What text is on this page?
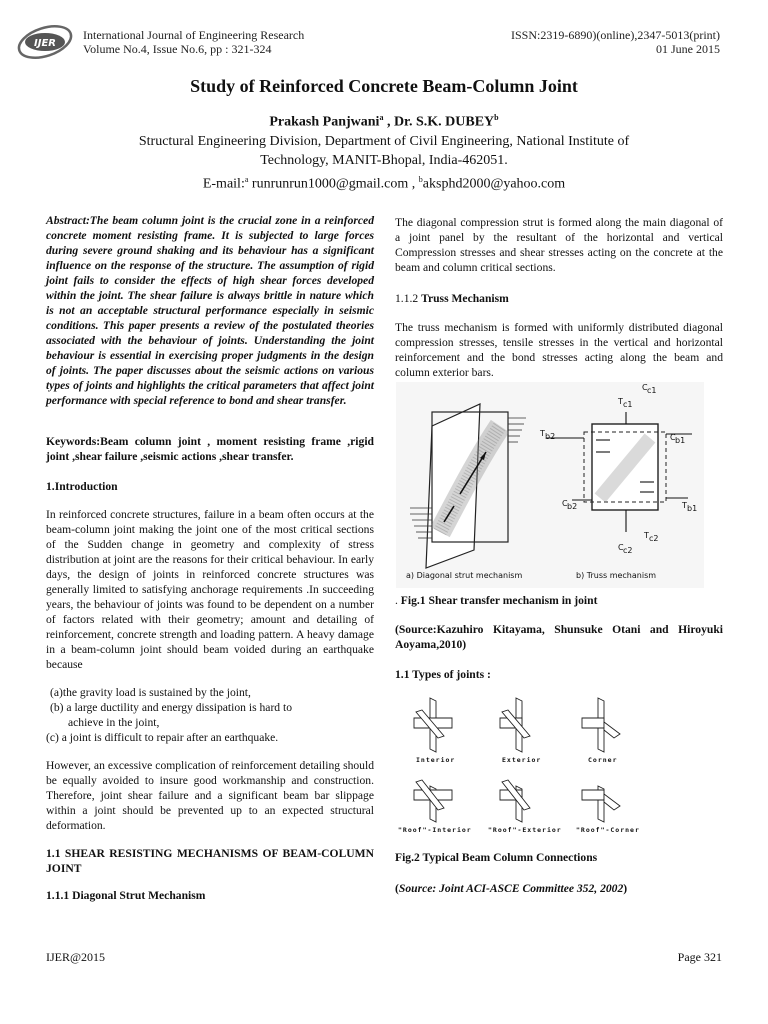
IJER
International Journal of Engineering Research
Volume No.4, Issue No.6, pp : 321-324
ISSN:2319-6890)(online),2347-5013(print)
01 June 2015
Study of Reinforced Concrete Beam-Column Joint
Prakash Panjwani$^a$ , Dr. S.K. DUBEY$^b$
Structural Engineering Division, Department of Civil Engineering, National Institute of
Technology, MANIT-Bhopal, India-462051.
E-mail:$^a$ runrunrun1000@gmail.com , $^b$aksphd2000@yahoo.com
Abstract:The beam column joint is the crucial zone in a reinforced concrete moment resisting frame. It is subjected to large forces during severe ground shaking and its behaviour has a significant influence on the response of the structure. The assumption of rigid joint fails to consider the effects of high shear forces developed within the joint. The shear failure is always brittle in nature which is not an acceptable structural performance especially in seismic conditions. This paper presents a review of the postulated theories associated with the behaviour of joints. Understanding the joint behaviour is essential in exercising proper judgments in the design of joints. The paper discusses about the seismic actions on various types of joints and highlights the critical parameters that affect joint performance with special reference to bond and shear transfer.
Keywords:Beam column joint , moment resisting frame ,rigid joint ,shear failure ,seismic actions ,shear transfer.
1.Introduction
In reinforced concrete structures, failure in a beam often occurs at the beam-column joint making the joint one of the most critical sections of the Sudden change in geometry and complexity of stress distribution at joint are the reasons for their critical behaviour. In early days, the design of joints in reinforced concrete structures was generally limited to satisfying anchorage requirements .In succeeding years, the behaviour of joints was found to be dependent on a number of factors related with their geometry; amount and detailing of reinforcement, concrete strength and loading pattern. A heavy damage in a beam-column joint should beam voided during an earthquake because
(a)the gravity load is sustained by the joint,
(b) a large ductility and energy dissipation is hard to
achieve in the joint,
(c) a joint is difficult to repair after an earthquake.
However, an excessive complication of reinforcement detailing should be equally avoided to insure good workmanship and construction. Therefore, joint shear failure and a significant beam bar slippage within a joint should be prevented up to an expected structural deformation.
1.1 SHEAR RESISTING MECHANISMS OF BEAM-COLUMN JOINT
1.1.1 Diagonal Strut Mechanism
The diagonal compression strut is formed along the main diagonal of a joint panel by the resultant of the horizontal and vertical Compression stresses and shear stresses acting on the concrete at the beam and column critical sections.
1.1.2 Truss Mechanism
The truss mechanism is formed with uniformly distributed diagonal compression stresses, tensile stresses in the vertical and horizontal reinforcement and the bond stresses acting along the beam and column exterior bars.
C c1
T c1
T b2	C b1
C b2	T b1
T c2
C c2
a) Diagonal strut mechanism	b) Truss mechanism
. Fig.1 Shear transfer mechanism in joint
(Source:Kazuhiro Kitayama, Shunsuke Otani and Hiroyuki Aoyama,2010)
1.1 Types of joints :
Interior	Exterior	Corner
"Roof"-Interior	"Roof"-Exterior "Roof"-Corner
Fig.2 Typical Beam Column Connections
(Source: Joint ACI-ASCE Committee 352, 2002)
IJER@2015	Page 321
